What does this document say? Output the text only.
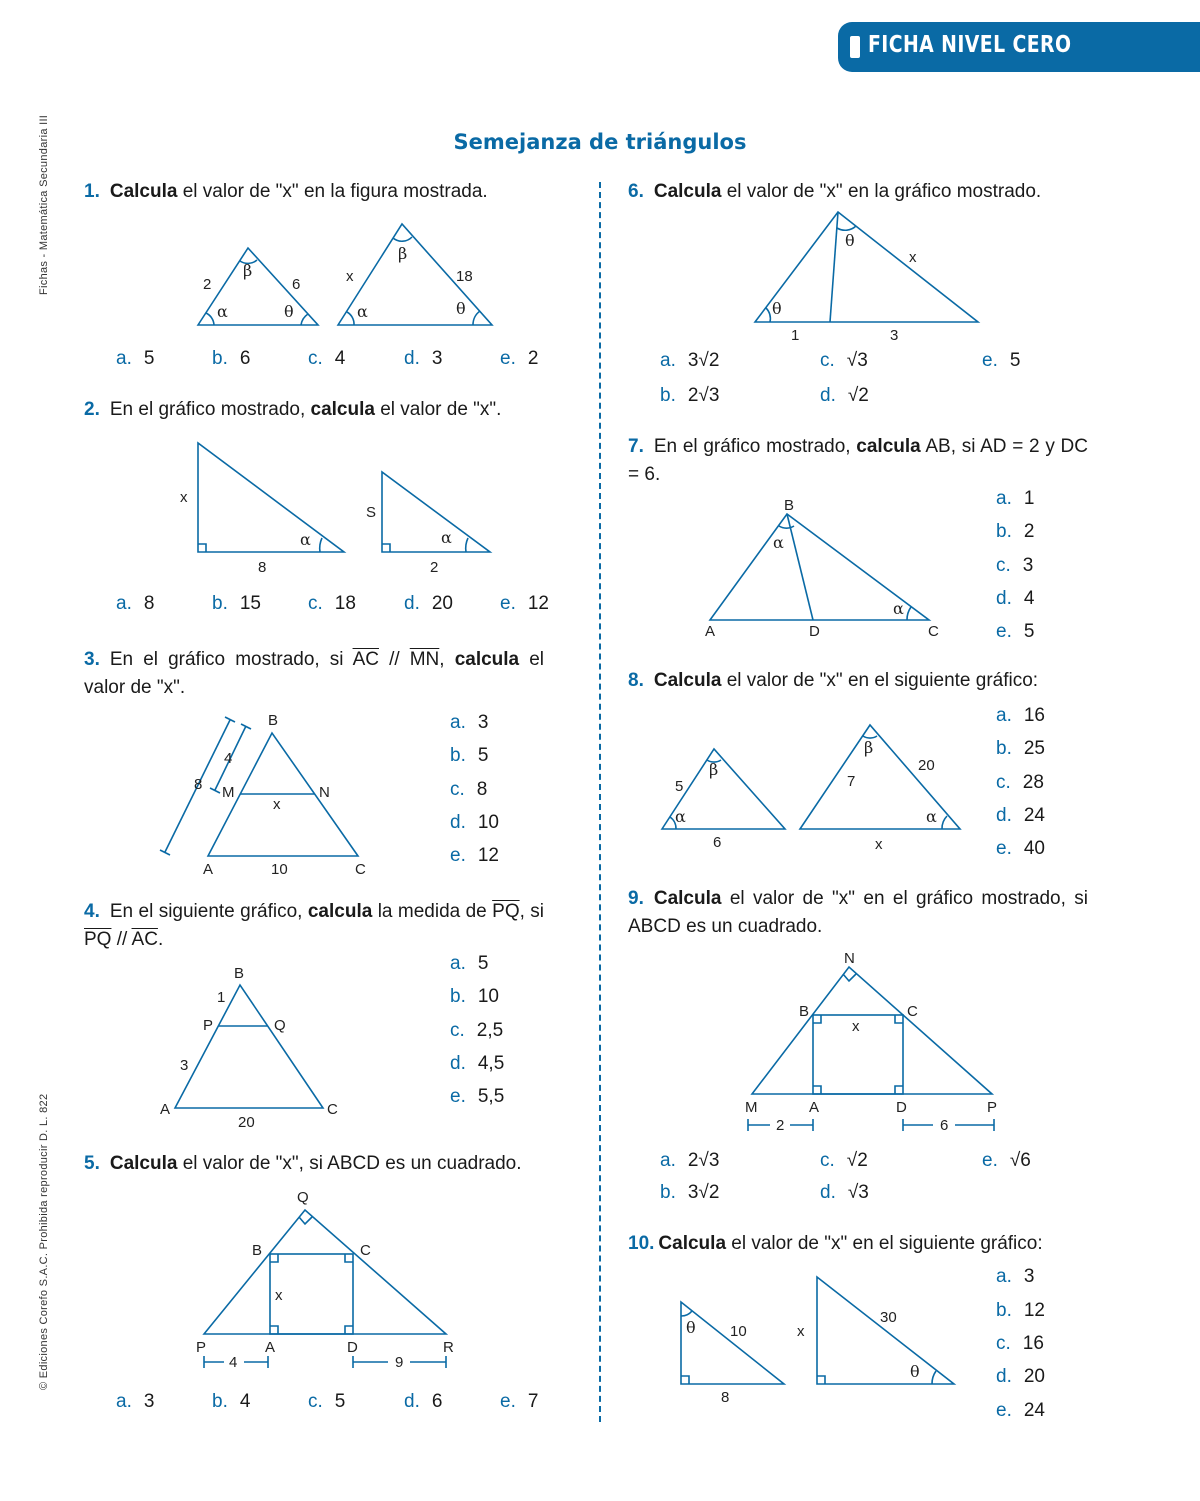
FICHA NIVEL CERO
Fichas - Matemática Secundaria III
© Ediciones Corefo S.A.C. Prohibida reproducir D. L. 822
Semejanza de triángulos
1. Calcula el valor de "x" en la figura mostrada.
2. En el gráfico mostrado, calcula el valor de "x".
3. En el gráfico mostrado, si $\overline{AC} // \overline{MN}$, calcula el valor de "x".
4. En el siguiente gráfico, calcula la medida de $\overline{PQ}$, si $\overline{PQ} // \overline{AC}$.
5. Calcula el valor de "x", si ABCD es un cuadrado.
6. Calcula el valor de "x" en la gráfico mostrado.
7. En el gráfico mostrado, calcula AB, si AD = 2 y DC = 6.
8. Calcula el valor de "x" en el siguiente gráfico:
9. Calcula el valor de "x" en el gráfico mostrado, si ABCD es un cuadrado.
10. Calcula el valor de "x" en el siguiente gráfico:
a. 5	b. 6	c. 4	d. 3	e. 2
a. 8	b. 15 c. 18	d. 20 e. 12
a. 3
b. 5
c. 8
d. 10
e. 12
a. 5
b. 10
c. 2,5
d. 4,5
e. 5,5
a. 3	b. 4	c. 5	d. 6	e. 7
a. 3√2
b. 2√3
c. √3
d. √2
e. 5
a. 1
b. 2
c. 3
d. 4
e. 5
a. 16
b. 25
c. 28
d. 24
e. 40
a. 2√3
b. 3√2
c. √2
d. √3
e. √6
a. 3
b. 12
c. 16
d. 20
e. 24
2	6	x	18
α
β
θ	α
β
θ
x
8
S
2
α	α
B
M	N
A	C
4
8
x
10
B
P	Q
A	C
1
3
20
Q
B	C
P	A	D	R
x
4	9
θ
θ
x
1	3
B
A	D	C
α
α
α
β
β
α
5
6
7
20
x
N
B	C
M	A	D	P
x
2	6
θ
θ
10
8
x
30
